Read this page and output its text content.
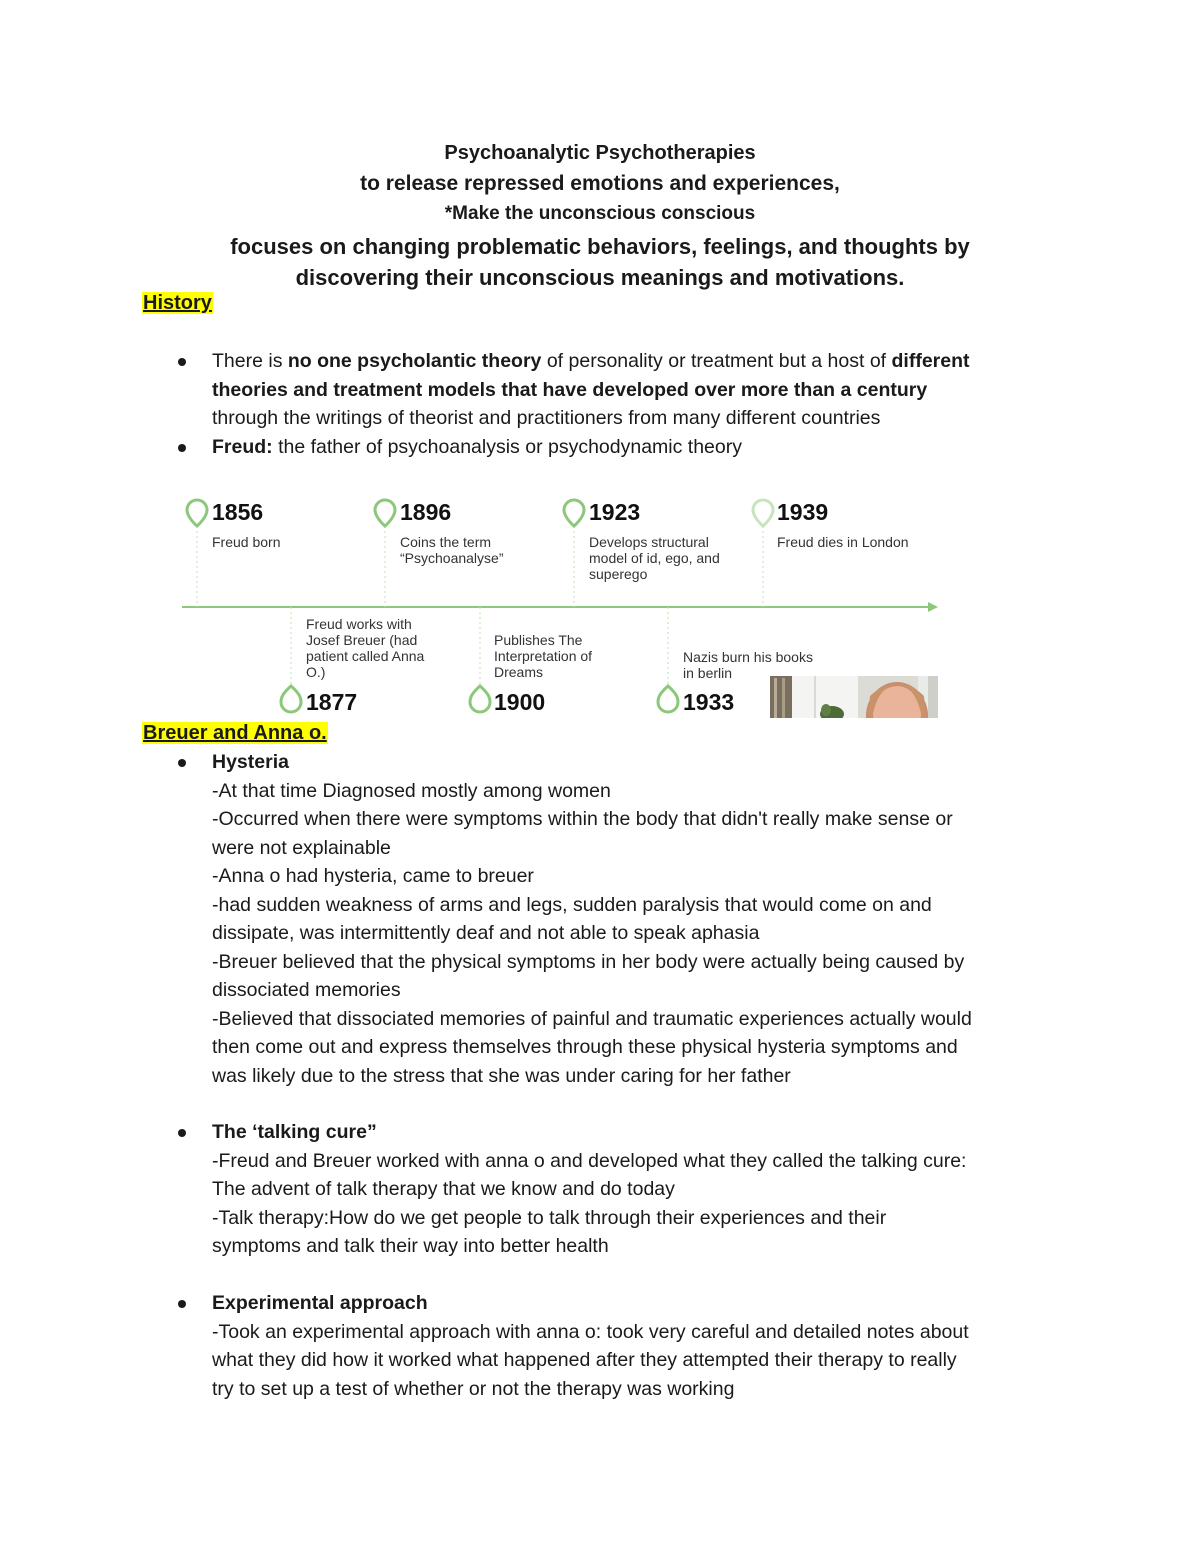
Psychoanalytic Psychotherapies
to release repressed emotions and experiences,
*Make the unconscious conscious
focuses on changing problematic behaviors, feelings, and thoughts by
discovering their unconscious meanings and motivations.
History
There is no one psycholantic theory of personality or treatment but a host of different
theories and treatment models that have developed over more than a century
through the writings of theorist and practitioners from many different countries
Freud: the father of psychoanalysis or psychodynamic theory
1856
Freud born
1896
Coins the term
“Psychoanalyse”
1923
Develops structural
model of id, ego, and
superego
1939
Freud dies in London
Freud works with
Josef Breuer (had
patient called Anna
O.)
1877
Publishes The
Interpretation of
Dreams
1900
Nazis burn his books
in berlin
1933
Breuer and Anna o.
Hysteria
-At that time Diagnosed mostly among women
-Occurred when there were symptoms within the body that didn't really make sense or
were not explainable
-Anna o had hysteria, came to breuer
-had sudden weakness of arms and legs, sudden paralysis that would come on and
dissipate, was intermittently deaf and not able to speak aphasia
-Breuer believed that the physical symptoms in her body were actually being caused by
dissociated memories
-Believed that dissociated memories of painful and traumatic experiences actually would
then come out and express themselves through these physical hysteria symptoms and
was likely due to the stress that she was under caring for her father
The ‘talking cure”
-Freud and Breuer worked with anna o and developed what they called the talking cure:
The advent of talk therapy that we know and do today
-Talk therapy:How do we get people to talk through their experiences and their
symptoms and talk their way into better health
Experimental approach
-Took an experimental approach with anna o: took very careful and detailed notes about
what they did how it worked what happened after they attempted their therapy to really
try to set up a test of whether or not the therapy was working
